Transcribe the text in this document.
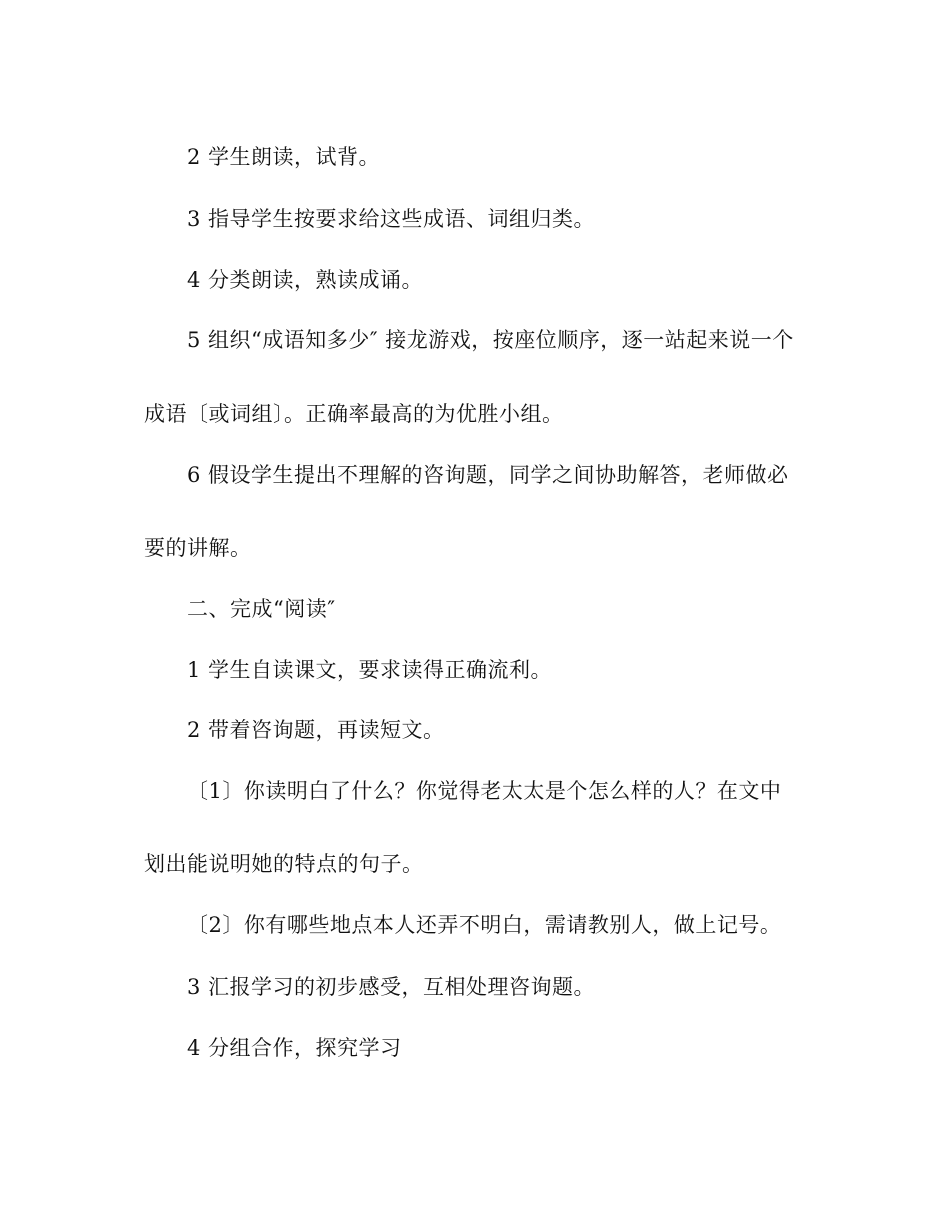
2 学生朗读，试背。
3 指导学生按要求给这些成语、词组归类。
4 分类朗读，熟读成诵。
5 组织“成语知多少″ 接龙游戏，按座位顺序，逐一站起来说一个
成语〔或词组〕。正确率最高的为优胜小组。
6 假设学生提出不理解的咨询题，同学之间协助解答，老师做必
要的讲解。
二、完成“阅读″
1 学生自读课文，要求读得正确流利。
2 带着咨询题，再读短文。
〔1〕你读明白了什么？你觉得老太太是个怎么样的人？在文中
划出能说明她的特点的句子。
〔2〕你有哪些地点本人还弄不明白，需请教别人，做上记号。
3 汇报学习的初步感受，互相处理咨询题。
4 分组合作，探究学习
